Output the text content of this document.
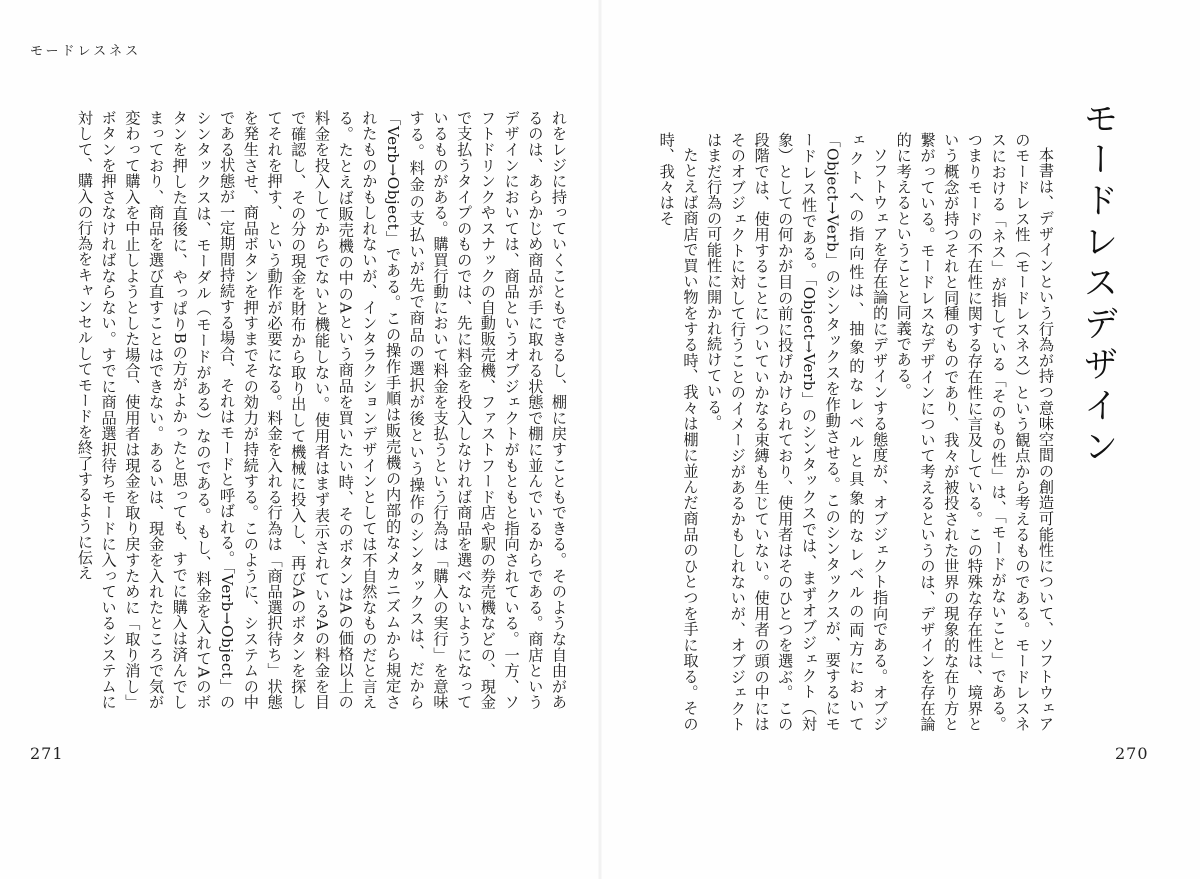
モードレスネス

れをレジに持っていくこともできるし、棚に戻すこともできる。そのような自由があるのは、あらかじめ商品が手に取れる状態で棚に並んでいるからである。商店というデザインにおいては、商品というオブジェクトがもともと指向されている。一方、ソフトドリンクやスナックの自動販売機、ファストフード店や駅の券売機などの、現金で支払うタイプのものでは、先に料金を投入しなければ商品を選べないようになっているものがある。購買行動において料金を支払うという行為は「購入の実行」を意味する。料金の支払いが先で商品の選択が後という操作のシンタックスは、だから「Verb→Object」である。この操作手順は販売機の内部的なメカニズムから規定されたものかもしれないが、インタラクションデザインとしては不自然なものだと言える。たとえば販売機の中のAという商品を買いたい時、そのボタンはAの価格以上の料金を投入してからでないと機能しない。使用者はまず表示されているAの料金を目で確認し、その分の現金を財布から取り出して機械に投入し、再びAのボタンを探してそれを押す、という動作が必要になる。料金を入れる行為は「商品選択待ち」状態を発生させ、商品ボタンを押すまでその効力が持続する。このように、システムの中である状態が一定期間持続する場合、それはモードと呼ばれる。「Verb→Object」のシンタックスは、モーダル（モードがある）なのである。もし、料金を入れてAのボタンを押した直後に、やっぱりBの方がよかったと思っても、すでに購入は済んでしまっており、商品を選び直すことはできない。あるいは、現金を入れたところで気が変わって購入を中止しようとした場合、使用者は現金を取り戻すために「取り消し」ボタンを押さなければならない。すでに商品選択待ちモードに入っているシステムに対して、購入の行為をキャンセルしてモードを終了するように伝え

271
モードレスデザイン

本書は、デザインという行為が持つ意味空間の創造可能性について、ソフトウェアのモードレス性（モードレスネス）という観点から考えるものである。モードレスネスにおける「ネス」が指している「そのもの性」は、「モードがないこと」である。つまりモードの不在性に関する存在性に言及している。この特殊な存在性は、境界という概念が持つそれと同種のものであり、我々が被投された世界の現象的な在り方と繋がっている。モードレスなデザインについて考えるというのは、デザインを存在論的に考えるということと同義である。

ソフトウェアを存在論的にデザインする態度が、オブジェクト指向である。オブジェクトへの指向性は、抽象的なレベルと具象的なレベルの両方において「Object→Verb」のシンタックスを作動させる。このシンタックスが、要するにモードレス性である。「Object→Verb」のシンタックスでは、まずオブジェクト（対象）としての何かが目の前に投げかけられており、使用者はそのひとつを選ぶ。この段階では、使用することについていかなる束縛も生じていない。使用者の頭の中にはそのオブジェクトに対して行うことのイメージがあるかもしれないが、オブジェクトはまだ行為の可能性に開かれ続けている。

たとえば商店で買い物をする時、我々は棚に並んだ商品のひとつを手に取る。その時、我々はそ

270
